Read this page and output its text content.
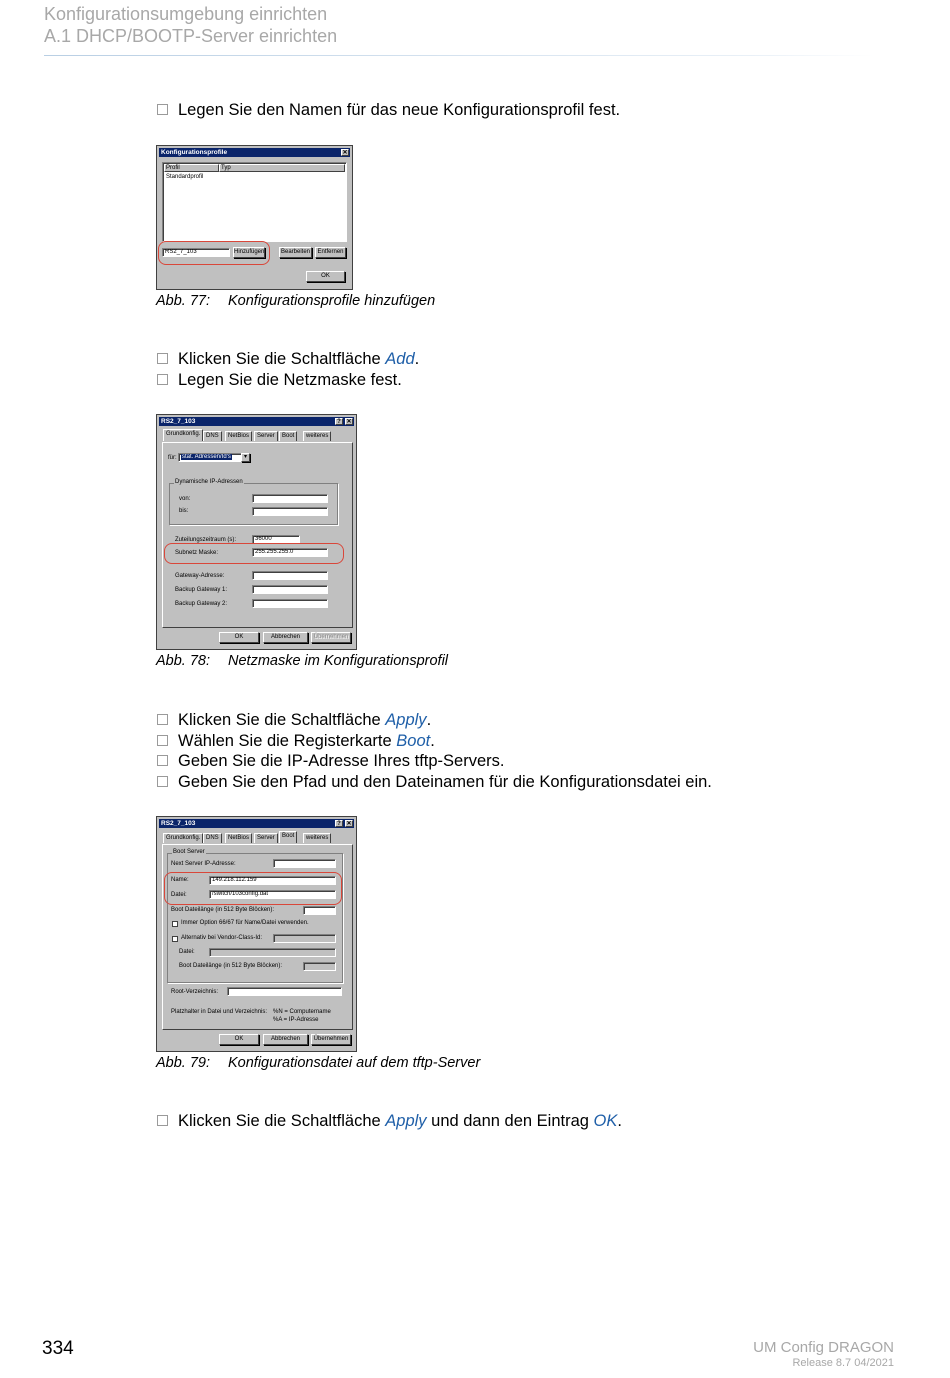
Konfigurationsumgebung einrichten
A.1 DHCP/BOOTP-Server einrichten
Legen Sie den Namen für das neue Konfigurationsprofil fest.
Konfigurationsprofile	✕
Profil	Typ
Standardprofil
RS2_7_103	Hinzufügen	Bearbeiten	Entfernen
OK
Abb. 77: Konfigurationsprofile hinzufügen
Klicken Sie die Schaltfläche Add.
Legen Sie die Netzmaske fest.
RS2_7_103	? ✕
Grundkonfig. DNS	NetBios	Server	Boot	weiteres
für: stat. Adressen/Id's	▾
Dynamische IP-Adressen
von:
bis:
Zuteilungszeitraum (s):	36000
Subnetz Maske:	255.255.255.0
Gateway-Adresse:
Backup Gateway 1:
Backup Gateway 2:
OK	Abbrechen	Übernehmen
Abb. 78: Netzmaske im Konfigurationsprofil
Klicken Sie die Schaltfläche Apply.
Wählen Sie die Registerkarte Boot.
Geben Sie die IP-Adresse Ihres tftp-Servers.
Geben Sie den Pfad und den Dateinamen für die Konfigurationsdatei ein.
RS2_7_103	? ✕
Grundkonfig. DNS	NetBios	Server	Boot	weiteres
Boot Server
Next Server IP-Adresse:
Name:	149.218.112.159
Datei:	/switch/103config.dat
Boot Dateilänge (in 512 Byte Blöcken):
Immer Option 66/67 für Name/Datei verwenden.
Alternativ bei Vendor-Class-Id:
Datei:
Boot Dateilänge (in 512 Byte Blöcken):
Root-Verzeichnis:
Platzhalter in Datei und Verzeichnis: %N = Computername
%A = IP-Adresse
OK	Abbrechen	Übernehmen
Abb. 79: Konfigurationsdatei auf dem tftp-Server
Klicken Sie die Schaltfläche Apply und dann den Eintrag OK.
334	UM Config DRAGON
Release 8.7 04/2021
